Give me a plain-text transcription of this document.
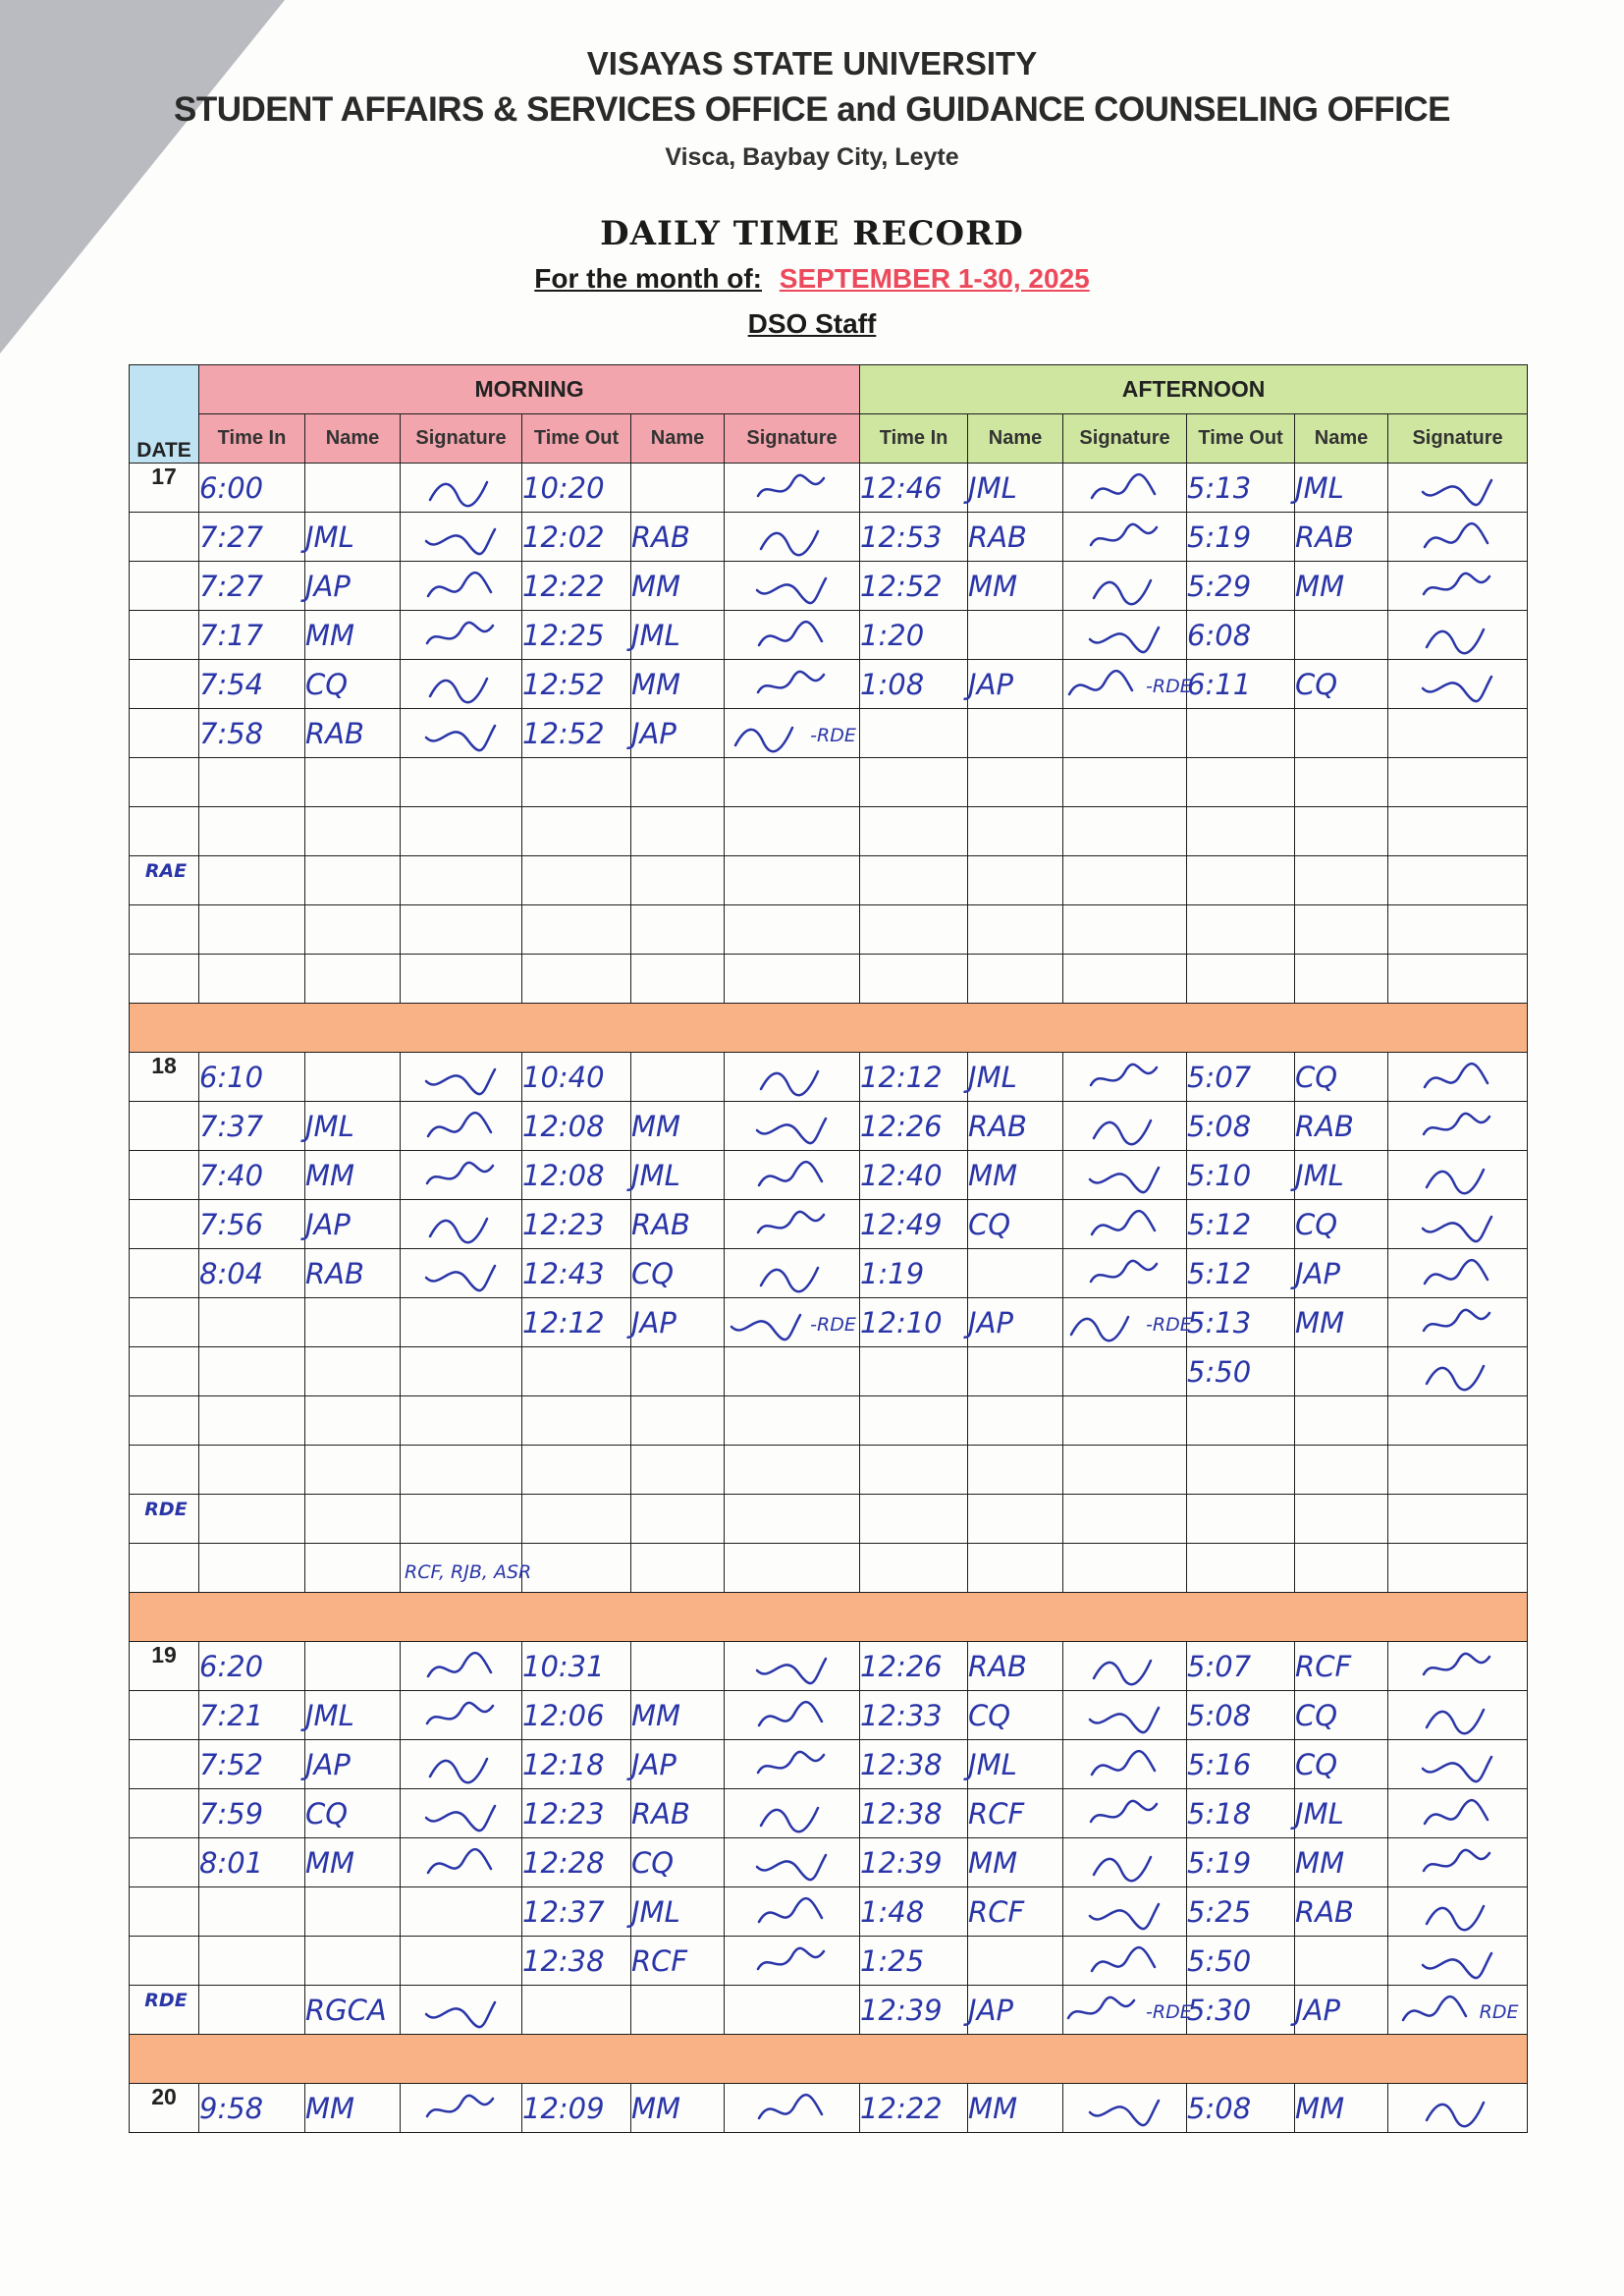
VISAYAS STATE UNIVERSITY
STUDENT AFFAIRS & SERVICES OFFICE and GUIDANCE COUNSELING OFFICE
Visca, Baybay City, Leyte
DAILY TIME RECORD
For the month of: SEPTEMBER 1-30, 2025
DSO Staff
DATE	MORNING						AFTERNOON					
	Time In	Name	Signature	Time Out	Name	Signature	Time In	Name	Signature	Time Out	Name	Signature
17	6:00			10:20			12:46	JML		5:13	JML	
	7:27	JML		12:02	RAB		12:53	RAB		5:19	RAB	
	7:27	JAP		12:22	MM		12:52	MM		5:29	MM	
	7:17	MM		12:25	JML		1:20			6:08		
	7:54	CQ		12:52	MM		1:08	JAP	-RDE	6:11	CQ	
	7:58	RAB		12:52	JAP	-RDE						

RAE												

18	6:10			10:40			12:12	JML		5:07	CQ	
	7:37	JML		12:08	MM		12:26	RAB		5:08	RAB	
	7:40	MM		12:08	JML		12:40	MM		5:10	JML	
	7:56	JAP		12:23	RAB		12:49	CQ		5:12	CQ	
	8:04	RAB		12:43	CQ		1:19			5:12	JAP	
				12:12	JAP	-RDE	12:10	JAP	-RDE	5:13	MM	
										5:50		

RDE												
			RCF, RJB, ASR									

19	6:20			10:31			12:26	RAB		5:07	RCF	
	7:21	JML		12:06	MM		12:33	CQ		5:08	CQ	
	7:52	JAP		12:18	JAP		12:38	JML		5:16	CQ	
	7:59	CQ		12:23	RAB		12:38	RCF		5:18	JML	
	8:01	MM		12:28	CQ		12:39	MM		5:19	MM	
				12:37	JML		1:48	RCF		5:25	RAB	
				12:38	RCF		1:25			5:50		
RDE		RGCA					12:39	JAP	-RDE	5:30	JAP	RDE

20	9:58	MM		12:09	MM		12:22	MM		5:08	MM	
